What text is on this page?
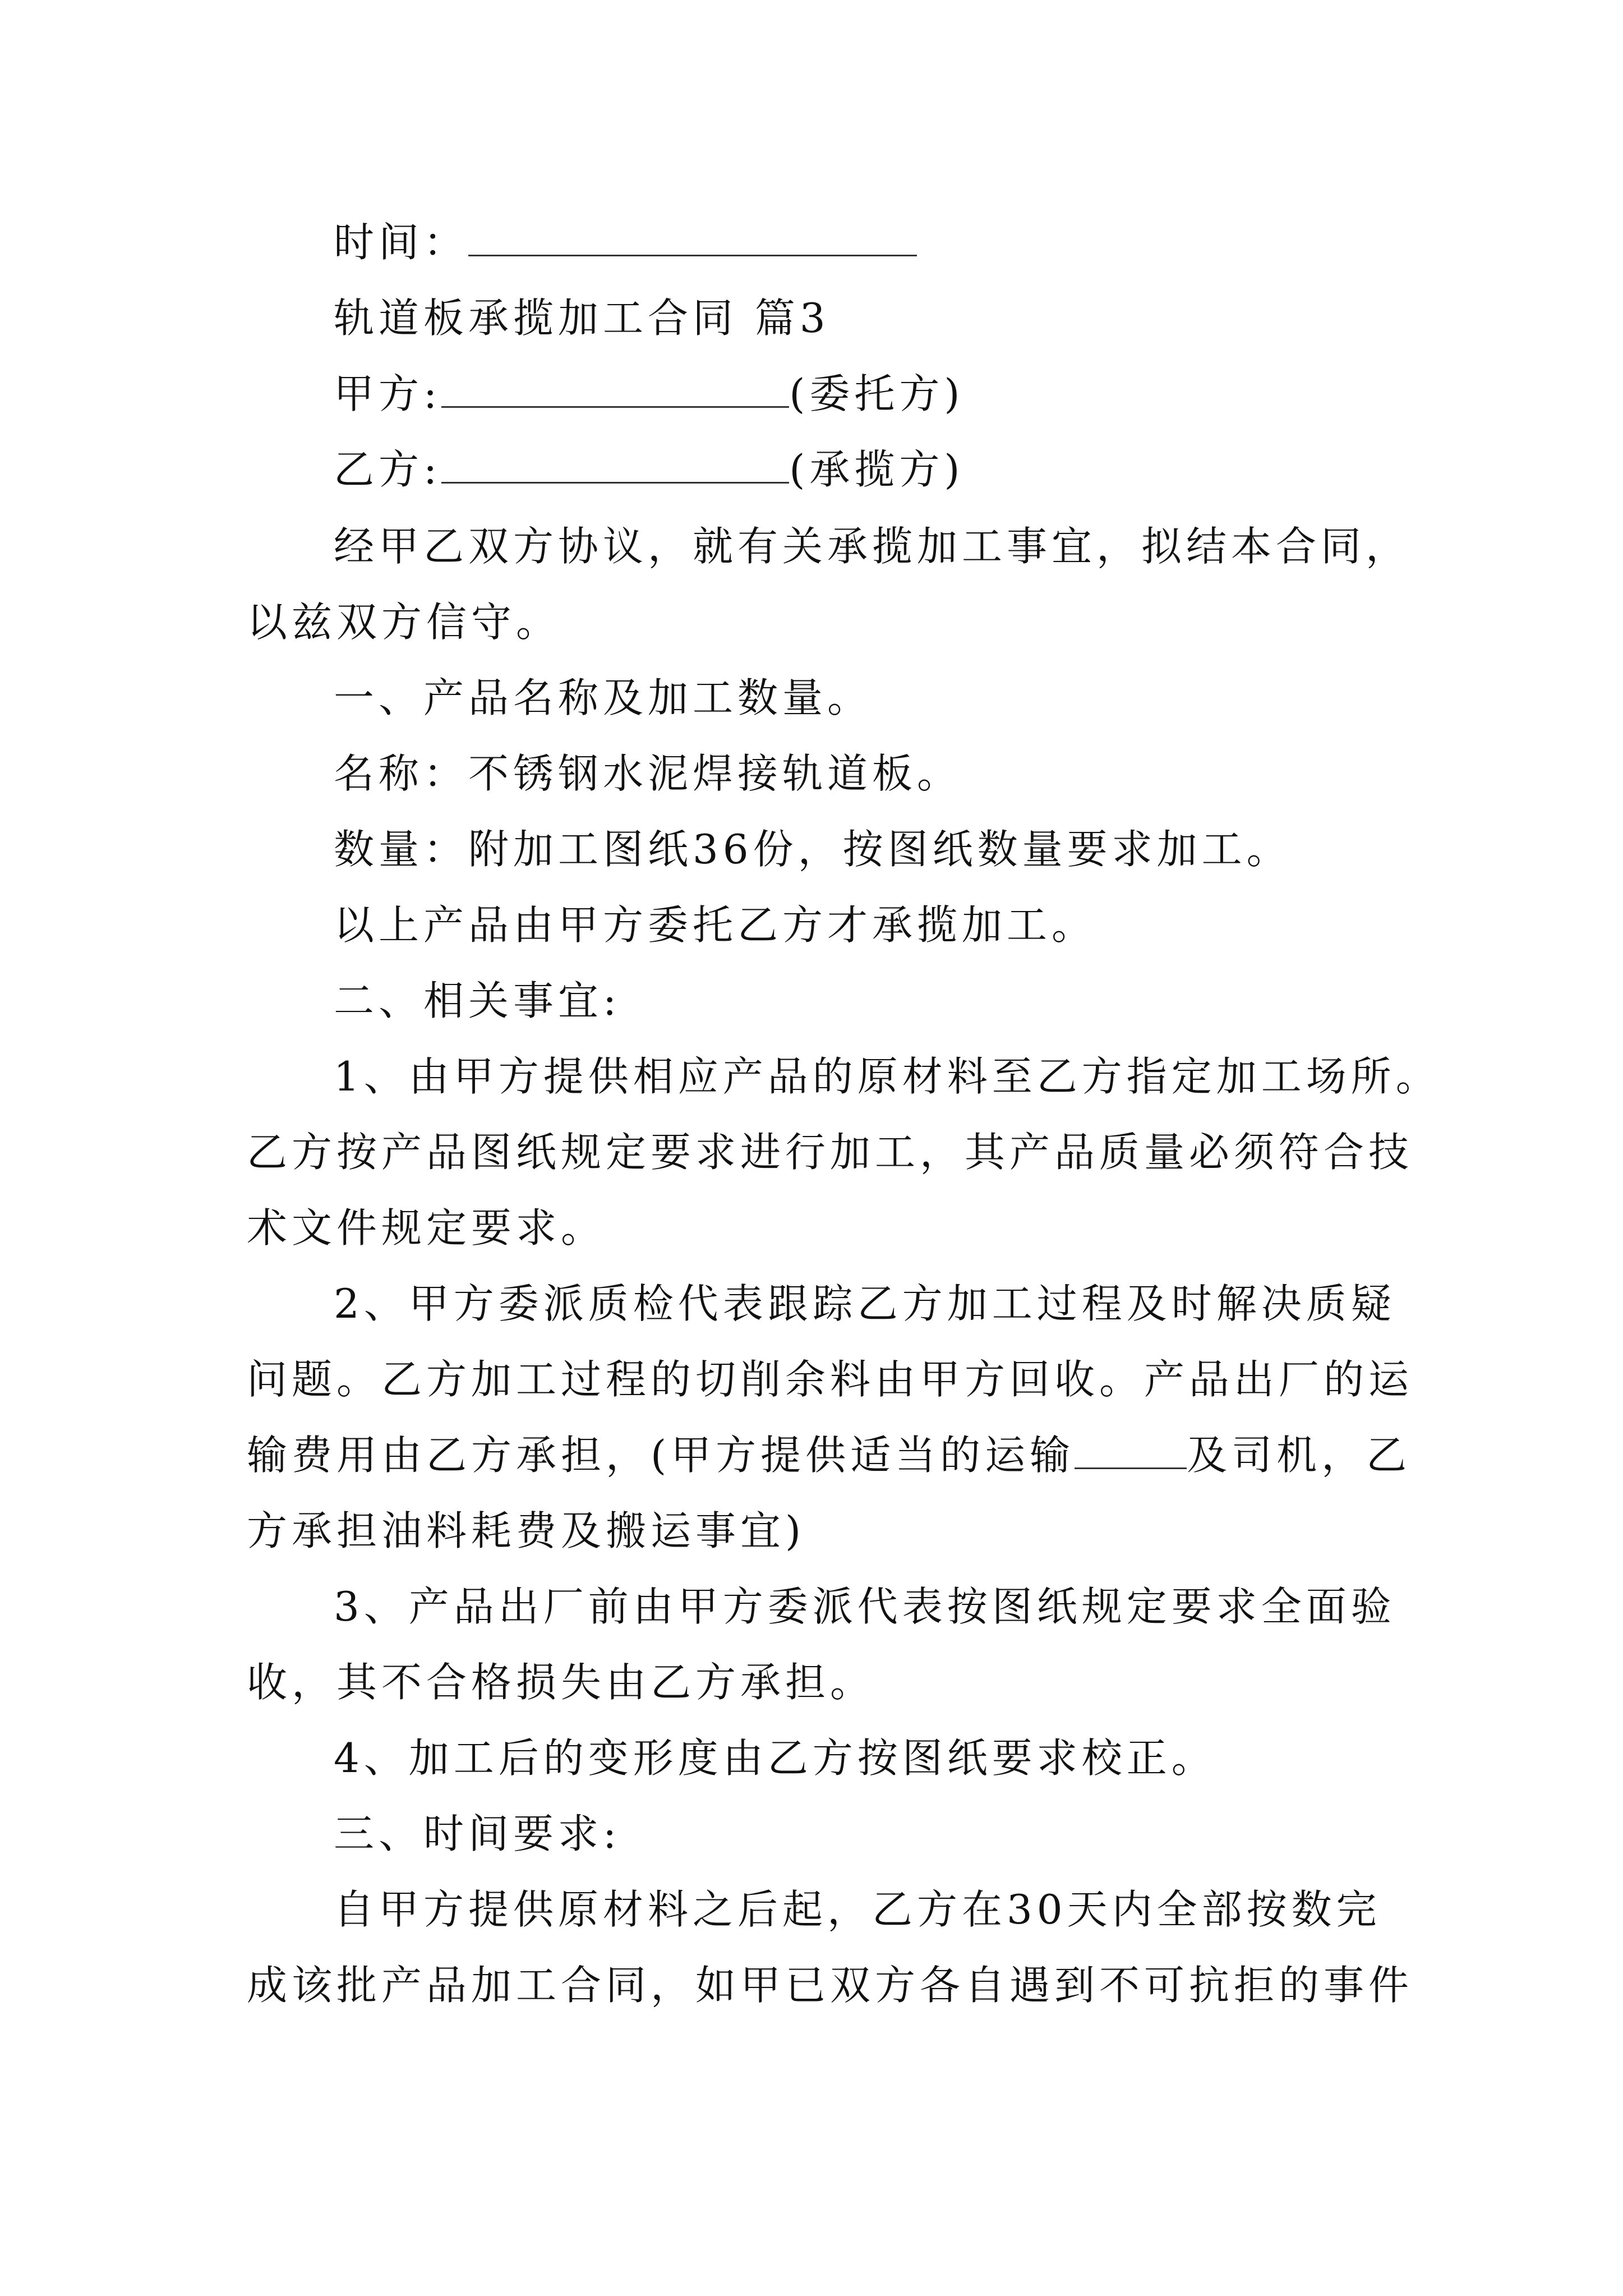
时间：
轨道板承揽加工合同 篇3
甲方:	(委托方)
乙方:	(承揽方)
经甲乙双方协议，就有关承揽加工事宜，拟结本合同，
以兹双方信守。
一、产品名称及加工数量。
名称：不锈钢水泥焊接轨道板。
数量：附加工图纸36份，按图纸数量要求加工。
以上产品由甲方委托乙方才承揽加工。
二、相关事宜:
1、由甲方提供相应产品的原材料至乙方指定加工场所。
乙方按产品图纸规定要求进行加工，其产品质量必须符合技
术文件规定要求。
2、甲方委派质检代表跟踪乙方加工过程及时解决质疑
问题。乙方加工过程的切削余料由甲方回收。产品出厂的运
输费用由乙方承担，(甲方提供适当的运输	及司机，乙
方承担油料耗费及搬运事宜)
3、产品出厂前由甲方委派代表按图纸规定要求全面验
收，其不合格损失由乙方承担。
4、加工后的变形度由乙方按图纸要求校正。
三、时间要求:
自甲方提供原材料之后起，乙方在30天内全部按数完
成该批产品加工合同，如甲已双方各自遇到不可抗拒的事件
